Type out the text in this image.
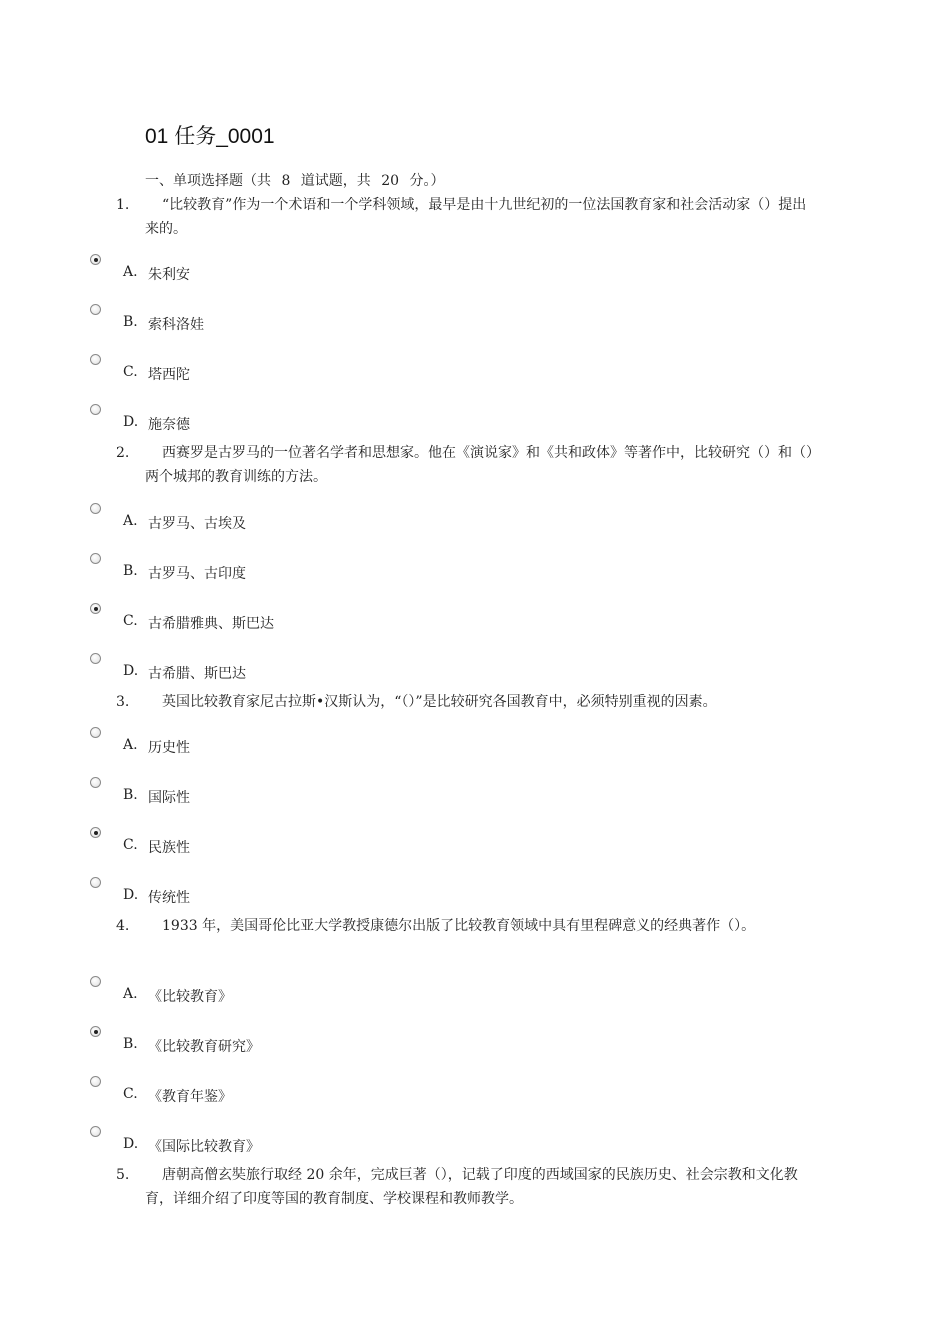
01 任务_0001
一、单项选择题（共 8 道试题，共 20 分。）
1.	“比较教育”作为一个术语和一个学科领域，最早是由十九世纪初的一位法国教育家和社会活动家（）提出来的。
A. 朱利安
B. 索科洛娃
C. 塔西陀
D. 施奈德
2.	西赛罗是古罗马的一位著名学者和思想家。他在《演说家》和《共和政体》等著作中，比较研究（）和（）两个城邦的教育训练的方法。
A. 古罗马、古埃及
B. 古罗马、古印度
C. 古希腊雅典、斯巴达
D. 古希腊、斯巴达
3.	英国比较教育家尼古拉斯•汉斯认为，“（）”是比较研究各国教育中，必须特别重视的因素。
A. 历史性
B. 国际性
C. 民族性
D. 传统性
4.	1933 年，美国哥伦比亚大学教授康德尔出版了比较教育领域中具有里程碑意义的经典著作（）。
A. 《比较教育》
B. 《比较教育研究》
C. 《教育年鉴》
D. 《国际比较教育》
5.	唐朝高僧玄奘旅行取经 20 余年，完成巨著（），记载了印度的西域国家的民族历史、社会宗教和文化教育，详细介绍了印度等国的教育制度、学校课程和教师教学。
